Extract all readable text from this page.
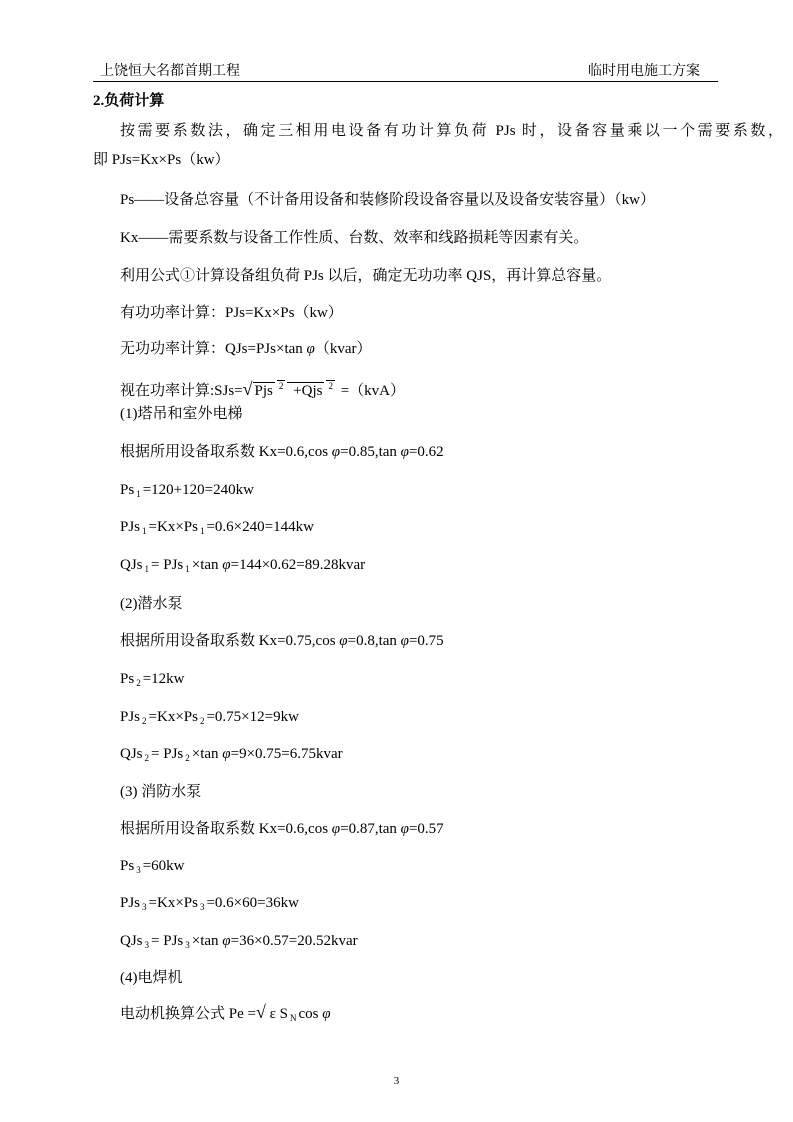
上饶恒大名都首期工程	临时用电施工方案
2.负荷计算
按需要系数法，确定三相用电设备有功计算负荷 PJs 时，设备容量乘以一个需要系数，
即 PJs=Kx×Ps（kw）
Ps——设备总容量（不计备用设备和装修阶段设备容量以及设备安装容量）（kw）
Kx——需要系数与设备工作性质、台数、效率和线路损耗等因素有关。
利用公式①计算设备组负荷 PJs 以后，确定无功功率 QJS，再计算总容量。
有功功率计算：PJs=Kx×Ps（kw）
无功功率计算：QJs=PJs×tan φ（kvar）
视在功率计算:SJs=√ Pjs $^2$ +Qjs $^2$ =（kvA）
(1)塔吊和室外电梯
根据所用设备取系数 Kx=0.6,cos φ=0.85,tan φ=0.62
Ps $_1$ =120+120=240kw
PJs $_1$ =Kx×Ps $_1$ =0.6×240=144kw
QJs $_1$ = PJs $_1$ ×tan φ=144×0.62=89.28kvar
(2)潜水泵
根据所用设备取系数 Kx=0.75,cos φ=0.8,tan φ=0.75
Ps $_2$ =12kw
PJs $_2$ =Kx×Ps $_2$ =0.75×12=9kw
QJs $_2$ = PJs $_2$ ×tan φ=9×0.75=6.75kvar
(3) 消防水泵
根据所用设备取系数 Kx=0.6,cos φ=0.87,tan φ=0.57
Ps $_3$ =60kw
PJs $_3$ =Kx×Ps $_3$ =0.6×60=36kw
QJs $_3$ = PJs $_3$ ×tan φ=36×0.57=20.52kvar
(4)电焊机
电动机换算公式 Pe =√ ε S $_N$ cos φ
3
